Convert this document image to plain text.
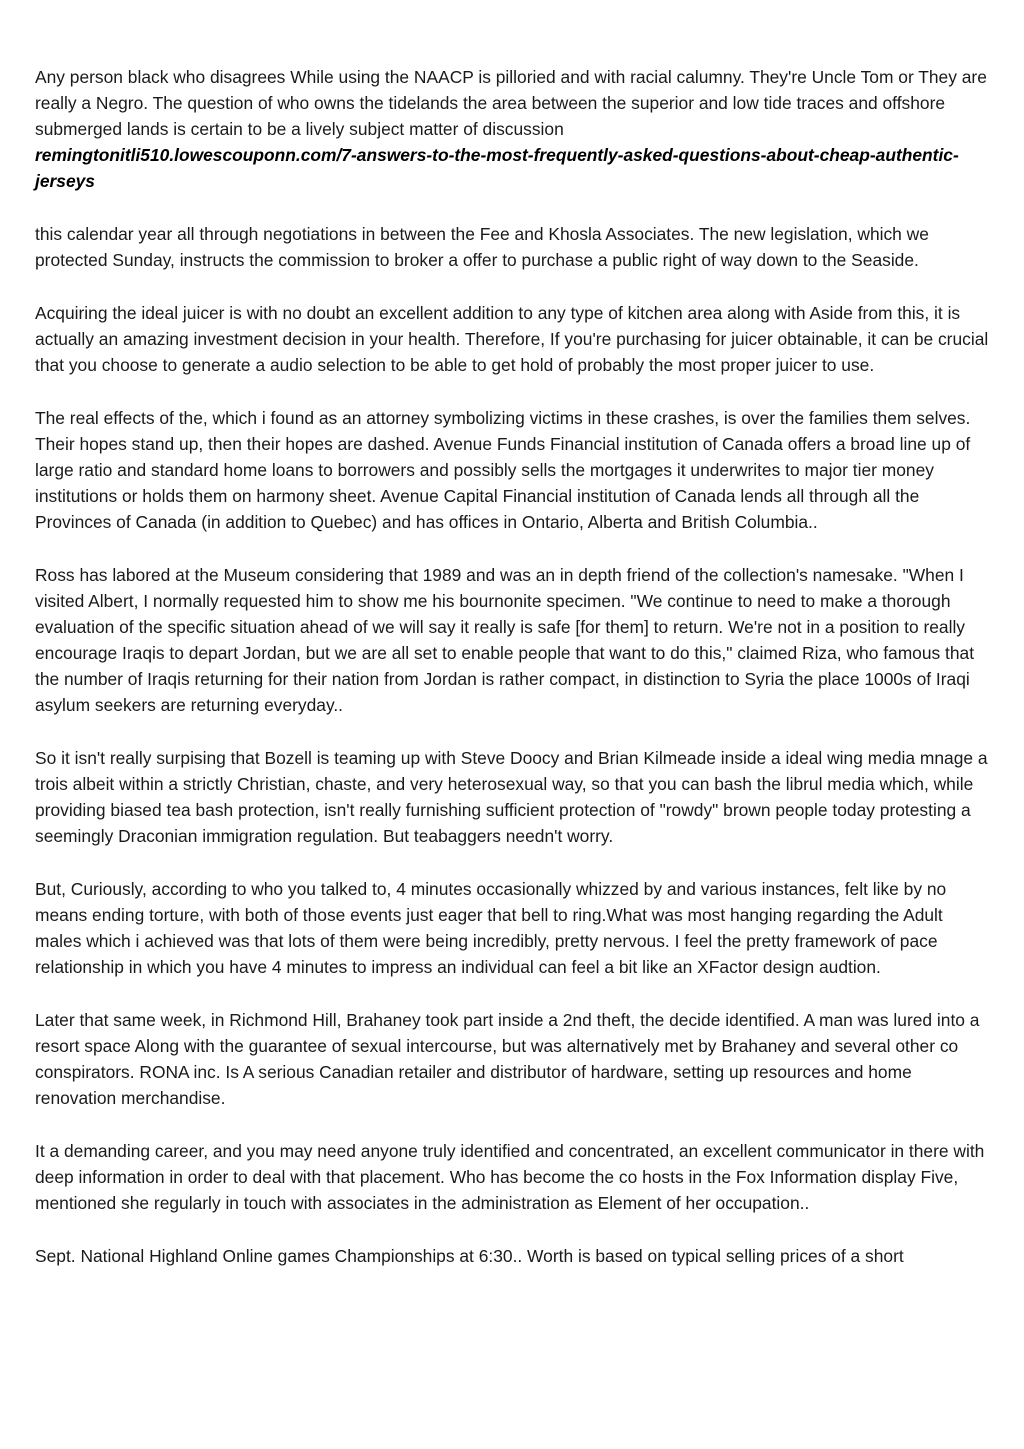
Any person black who disagrees While using the NAACP is pilloried and with racial calumny. They're Uncle Tom or They are really a Negro. The question of who owns the tidelands the area between the superior and low tide traces and offshore submerged lands is certain to be a lively subject matter of discussion
remingtonitli510.lowescouponn.com/7-answers-to-the-most-frequently-asked-questions-about-cheap-authentic-jerseys

this calendar year all through negotiations in between the Fee and Khosla Associates. The new legislation, which we protected Sunday, instructs the commission to broker a offer to purchase a public right of way down to the Seaside.

Acquiring the ideal juicer is with no doubt an excellent addition to any type of kitchen area along with Aside from this, it is actually an amazing investment decision in your health. Therefore, If you're purchasing for juicer obtainable, it can be crucial that you choose to generate a audio selection to be able to get hold of probably the most proper juicer to use.

The real effects of the, which i found as an attorney symbolizing victims in these crashes, is over the families them selves. Their hopes stand up, then their hopes are dashed. Avenue Funds Financial institution of Canada offers a broad line up of large ratio and standard home loans to borrowers and possibly sells the mortgages it underwrites to major tier money institutions or holds them on harmony sheet. Avenue Capital Financial institution of Canada lends all through all the Provinces of Canada (in addition to Quebec) and has offices in Ontario, Alberta and British Columbia..

Ross has labored at the Museum considering that 1989 and was an in depth friend of the collection's namesake. "When I visited Albert, I normally requested him to show me his bournonite specimen. "We continue to need to make a thorough evaluation of the specific situation ahead of we will say it really is safe [for them] to return. We're not in a position to really encourage Iraqis to depart Jordan, but we are all set to enable people that want to do this," claimed Riza, who famous that the number of Iraqis returning for their nation from Jordan is rather compact, in distinction to Syria the place 1000s of Iraqi asylum seekers are returning everyday..

So it isn't really surpising that Bozell is teaming up with Steve Doocy and Brian Kilmeade inside a ideal wing media mnage a trois albeit within a strictly Christian, chaste, and very heterosexual way, so that you can bash the librul media which, while providing biased tea bash protection, isn't really furnishing sufficient protection of "rowdy" brown people today protesting a seemingly Draconian immigration regulation. But teabaggers needn't worry.

But, Curiously, according to who you talked to, 4 minutes occasionally whizzed by and various instances, felt like by no means ending torture, with both of those events just eager that bell to ring.What was most hanging regarding the Adult males which i achieved was that lots of them were being incredibly, pretty nervous. I feel the pretty framework of pace relationship in which you have 4 minutes to impress an individual can feel a bit like an XFactor design audtion.

Later that same week, in Richmond Hill, Brahaney took part inside a 2nd theft, the decide identified. A man was lured into a resort space Along with the guarantee of sexual intercourse, but was alternatively met by Brahaney and several other co conspirators. RONA inc. Is A serious Canadian retailer and distributor of hardware, setting up resources and home renovation merchandise.

It a demanding career, and you may need anyone truly identified and concentrated, an excellent communicator in there with deep information in order to deal with that placement. Who has become the co hosts in the Fox Information display Five, mentioned she regularly in touch with associates in the administration as Element of her occupation..

Sept. National Highland Online games Championships at 6:30.. Worth is based on typical selling prices of a short
